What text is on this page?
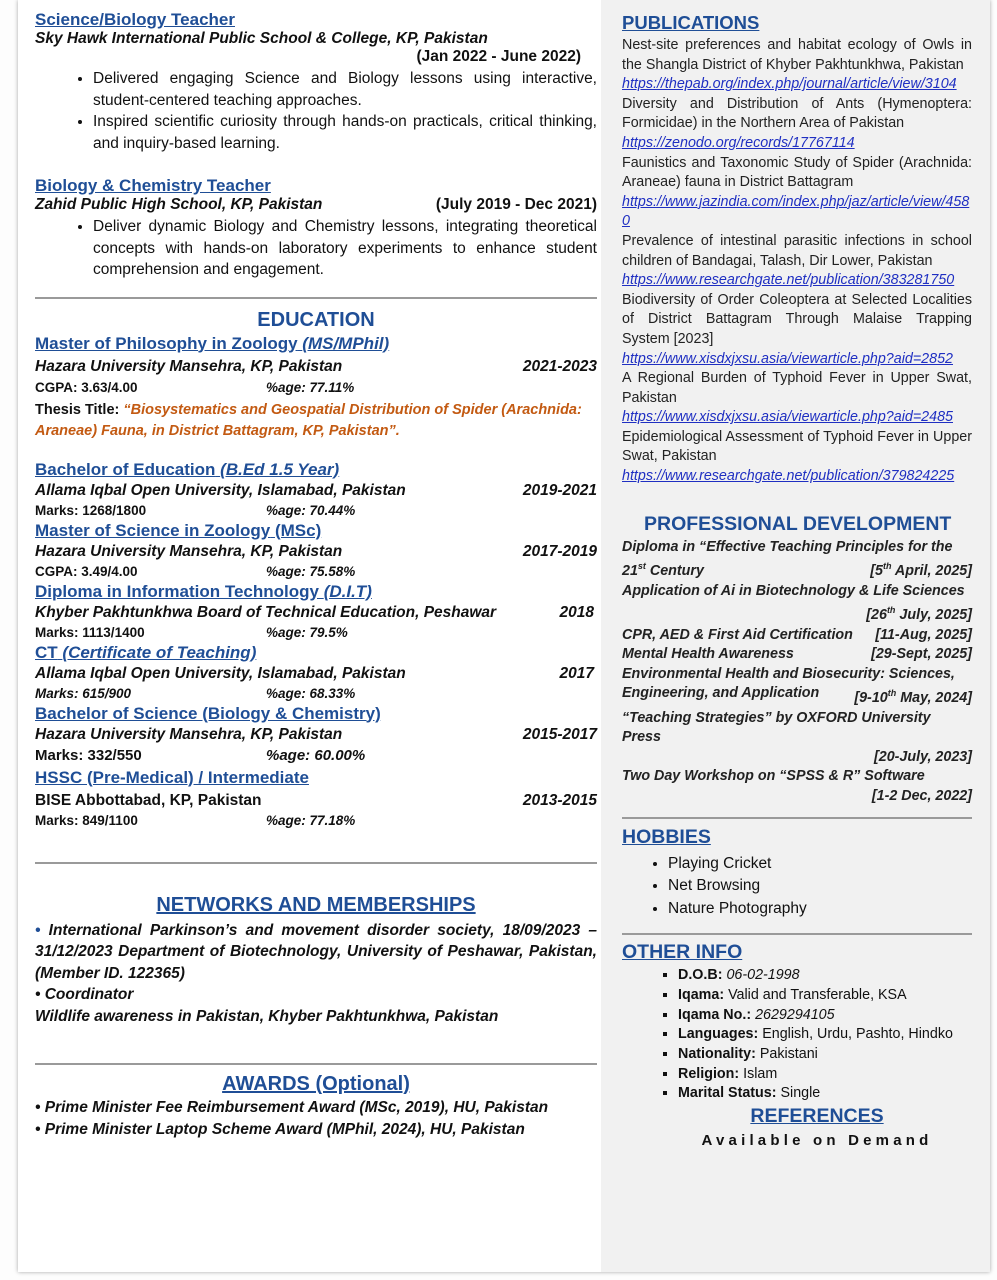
Science/Biology Teacher
Sky Hawk International Public School & College, KP, Pakistan
(Jan 2022 - June 2022)
• Delivered engaging Science and Biology lessons using interactive, student-centered teaching approaches.
• Inspired scientific curiosity through hands-on practicals, critical thinking, and inquiry-based learning.
Biology & Chemistry Teacher
Zahid Public High School, KP, Pakistan	(July 2019 - Dec 2021)
• Deliver dynamic Biology and Chemistry lessons, integrating theoretical concepts with hands-on laboratory experiments to enhance student comprehension and engagement.
EDUCATION
Master of Philosophy in Zoology (MS/MPhil)
Hazara University Mansehra, KP, Pakistan	2021-2023
CGPA: 3.63/4.00	%age: 77.11%
Thesis Title: “Biosystematics and Geospatial Distribution of Spider (Arachnida: Araneae) Fauna, in District Battagram, KP, Pakistan”.
Bachelor of Education (B.Ed 1.5 Year)
Allama Iqbal Open University, Islamabad, Pakistan	2019-2021
Marks: 1268/1800	%age: 70.44%
Master of Science in Zoology (MSc)
Hazara University Mansehra, KP, Pakistan	2017-2019
CGPA: 3.49/4.00	%age: 75.58%
Diploma in Information Technology (D.I.T)
Khyber Pakhtunkhwa Board of Technical Education, Peshawar	2018
Marks: 1113/1400	%age: 79.5%
CT (Certificate of Teaching)
Allama Iqbal Open University, Islamabad, Pakistan	2017
Marks: 615/900	%age: 68.33%
Bachelor of Science (Biology & Chemistry)
Hazara University Mansehra, KP, Pakistan	2015-2017
Marks: 332/550	%age: 60.00%
HSSC (Pre-Medical) / Intermediate
BISE Abbottabad, KP, Pakistan	2013-2015
Marks: 849/1100	%age: 77.18%
NETWORKS AND MEMBERSHIPS
• International Parkinson’s and movement disorder society, 18/09/2023 – 31/12/2023 Department of Biotechnology, University of Peshawar, Pakistan, (Member ID. 122365)
• Coordinator
Wildlife awareness in Pakistan, Khyber Pakhtunkhwa, Pakistan
AWARDS (Optional)
• Prime Minister Fee Reimbursement Award (MSc, 2019), HU, Pakistan
• Prime Minister Laptop Scheme Award (MPhil, 2024), HU, Pakistan
PUBLICATIONS
Nest-site preferences and habitat ecology of Owls in the Shangla District of Khyber Pakhtunkhwa, Pakistan
https://thepab.org/index.php/journal/article/view/3104
Diversity and Distribution of Ants (Hymenoptera: Formicidae) in the Northern Area of Pakistan
https://zenodo.org/records/17767114
Faunistics and Taxonomic Study of Spider (Arachnida: Araneae) fauna in District Battagram
https://www.jazindia.com/index.php/jaz/article/view/4580
Prevalence of intestinal parasitic infections in school children of Bandagai, Talash, Dir Lower, Pakistan
https://www.researchgate.net/publication/383281750
Biodiversity of Order Coleoptera at Selected Localities of District Battagram Through Malaise Trapping System [2023]
https://www.xisdxjxsu.asia/viewarticle.php?aid=2852
A Regional Burden of Typhoid Fever in Upper Swat, Pakistan
https://www.xisdxjxsu.asia/viewarticle.php?aid=2485
Epidemiological Assessment of Typhoid Fever in Upper Swat, Pakistan
https://www.researchgate.net/publication/379824225
PROFESSIONAL DEVELOPMENT
Diploma in “Effective Teaching Principles for the
21st Century	[5th April, 2025]
Application of Ai in Biotechnology & Life Sciences
[26th July, 2025]
CPR, AED & First Aid Certification [11-Aug, 2025]
Mental Health Awareness	[29-Sept, 2025]
Environmental Health and Biosecurity: Sciences,
Engineering, and Application [9-10th May, 2024]
“Teaching Strategies” by OXFORD University Press
[20-July, 2023]
Two Day Workshop on “SPSS & R” Software
[1-2 Dec, 2022]
HOBBIES
• Playing Cricket
• Net Browsing
• Nature Photography
OTHER INFO
▪ D.O.B: 06-02-1998
▪ Iqama: Valid and Transferable, KSA
▪ Iqama No.: 2629294105
▪ Languages: English, Urdu, Pashto, Hindko
▪ Nationality: Pakistani
▪ Religion: Islam
▪ Marital Status: Single
REFERENCES
Available on Demand
